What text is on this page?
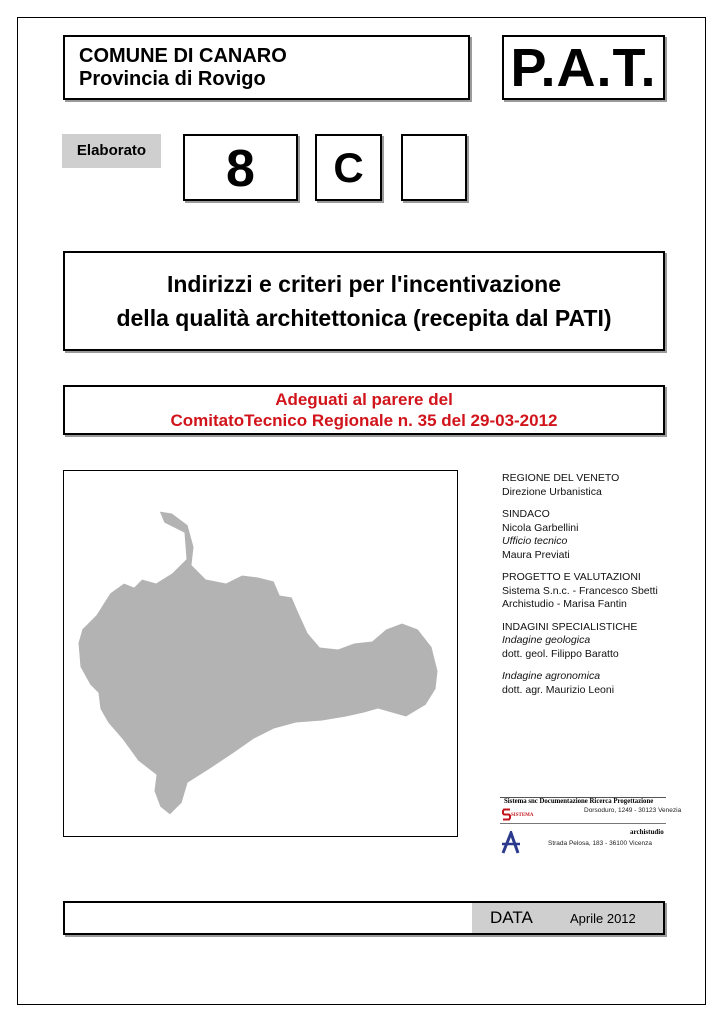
COMUNE DI CANARO
Provincia di Rovigo	P.A.T.
Elaborato	8	C
Indirizzi e criteri per l'incentivazione
della qualità architettonica (recepita dal PATI)
Adeguati al parere del
ComitatoTecnico Regionale n. 35 del 29-03-2012
REGIONE DEL VENETO
Direzione Urbanistica
SINDACO
Nicola Garbellini
Ufficio tecnico
Maura Previati
PROGETTO E VALUTAZIONI
Sistema S.n.c. - Francesco Sbetti
Archistudio - Marisa Fantin
INDAGINI SPECIALISTICHE
Indagine geologica
dott. geol. Filippo Baratto
Indagine agronomica
dott. agr. Maurizio Leoni
Sistema snc Documentazione Ricerca Progettazione
SISTEMA
Dorsoduro, 1249 - 30123 Venezia
archistudio
Strada Pelosa, 183 - 36100 Vicenza
DATA	Aprile 2012
